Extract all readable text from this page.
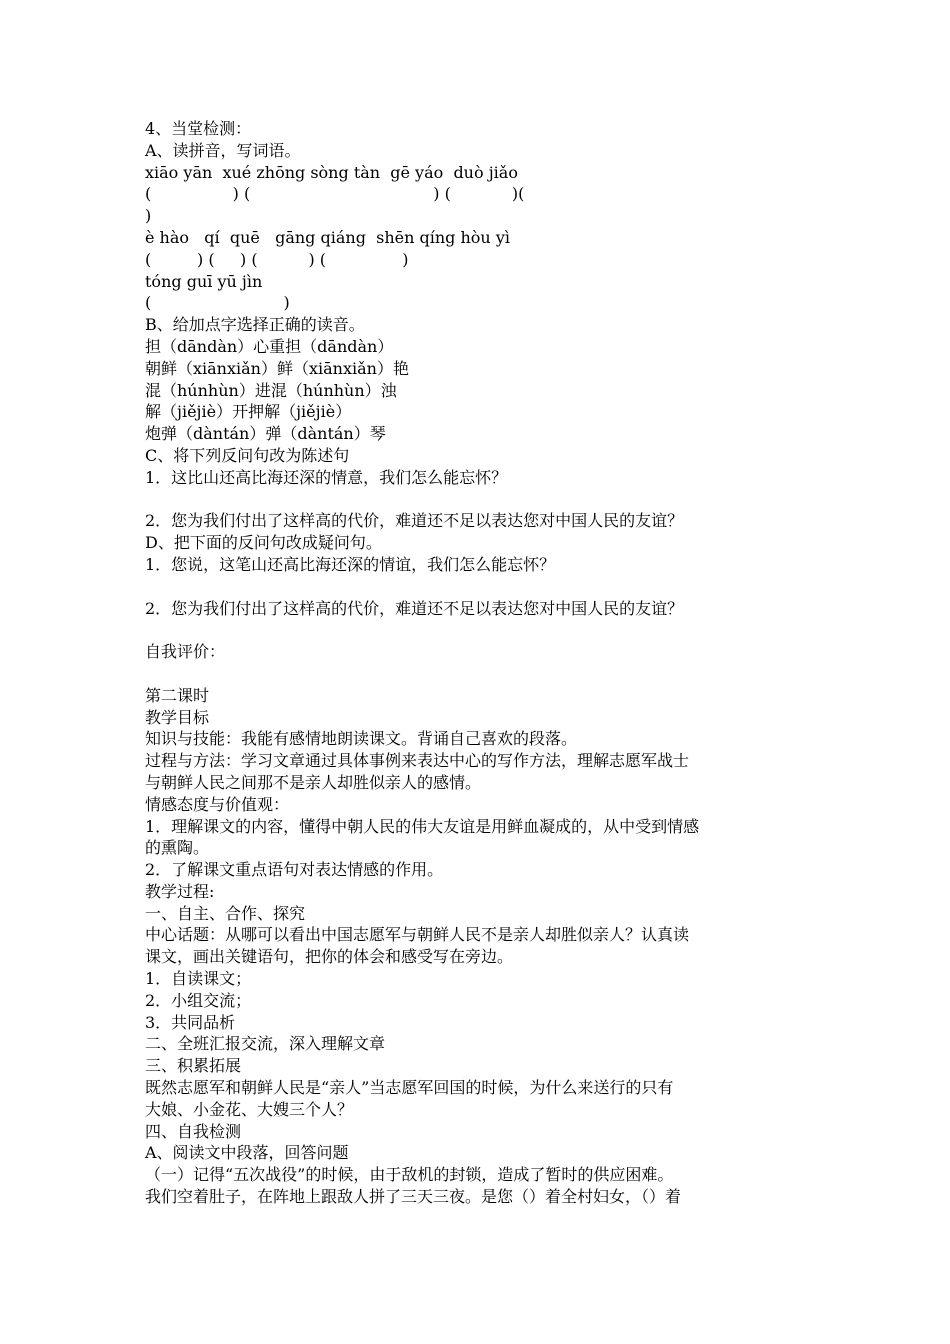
4、当堂检测：
A、读拼音，写词语。
xiāo yān  xué zhōng sòng tàn  gē yáo  duò jiǎo
(                ) (                                    ) (            )(
)
è hào   qí  quē   gāng qiáng  shēn qíng hòu yì
(         ) (     ) (          ) (               )
tóng guī yū jìn
(                          )
B、给加点字选择正确的读音。
担（dāndàn）心重担（dāndàn）
朝鲜（xiānxiǎn）鲜（xiānxiǎn）艳
混（húnhùn）进混（húnhùn）浊
解（jiějiè）开押解（jiějiè）
炮弹（dàntán）弹（dàntán）琴
C、将下列反问句改为陈述句
1．这比山还高比海还深的情意，我们怎么能忘怀？
2．您为我们付出了这样高的代价，难道还不足以表达您对中国人民的友谊？
D、把下面的反问句改成疑问句。
1．您说，这笔山还高比海还深的情谊，我们怎么能忘怀？
2．您为我们付出了这样高的代价，难道还不足以表达您对中国人民的友谊？
自我评价：
第二课时
教学目标
知识与技能：我能有感情地朗读课文。背诵自己喜欢的段落。
过程与方法：学习文章通过具体事例来表达中心的写作方法，理解志愿军战士
与朝鲜人民之间那不是亲人却胜似亲人的感情。
情感态度与价值观：
1．理解课文的内容，懂得中朝人民的伟大友谊是用鲜血凝成的，从中受到情感
的熏陶。
2．了解课文重点语句对表达情感的作用。
教学过程:
一、自主、合作、探究
中心话题：从哪可以看出中国志愿军与朝鲜人民不是亲人却胜似亲人？认真读
课文，画出关键语句，把你的体会和感受写在旁边。
1．自读课文；
2．小组交流；
3．共同品析
二、全班汇报交流，深入理解文章
三、积累拓展
既然志愿军和朝鲜人民是“亲人”当志愿军回国的时候，为什么来送行的只有
大娘、小金花、大嫂三个人？
四、自我检测
A、阅读文中段落，回答问题
（一）记得“五次战役”的时候，由于敌机的封锁，造成了暂时的供应困难。
我们空着肚子，在阵地上跟敌人拼了三天三夜。是您（）着全村妇女，（）着
